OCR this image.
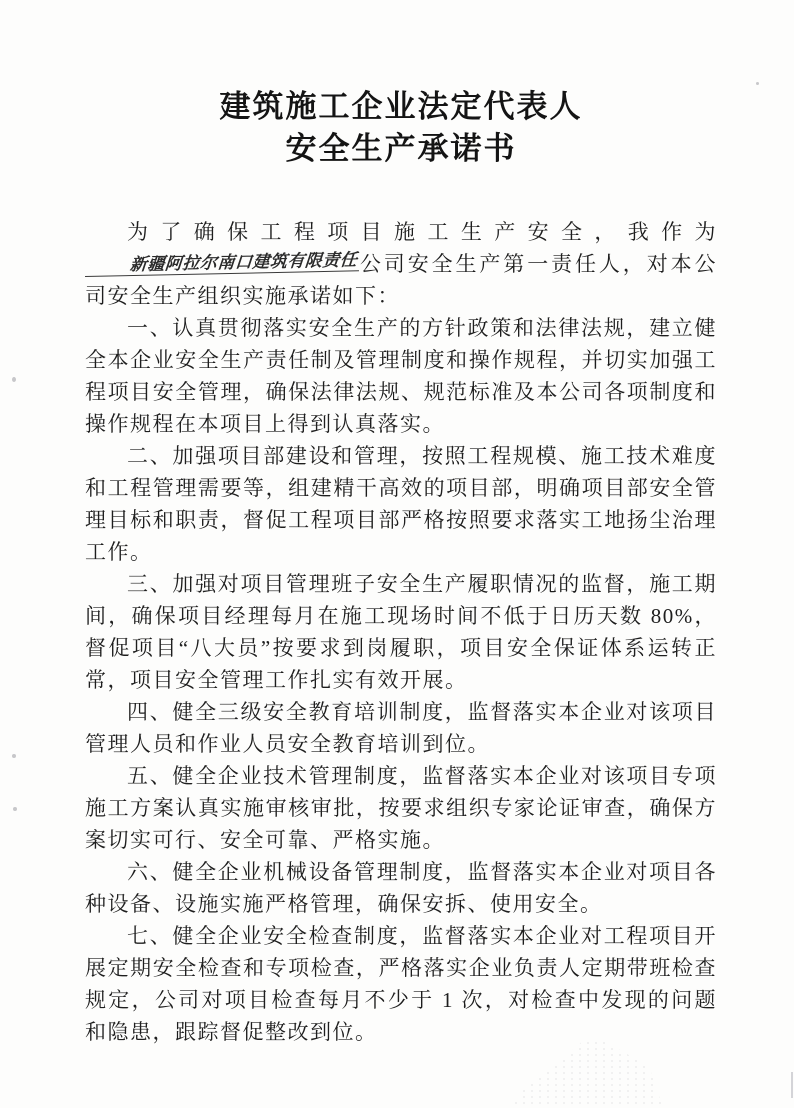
建筑施工企业法定代表人
安全生产承诺书

为了确保工程项目施工生产安全，我作为新疆阿拉尔南口建筑有限责任公司安全生产第一责任人，对本公司安全生产组织实施承诺如下：

一、认真贯彻落实安全生产的方针政策和法律法规，建立健全本企业安全生产责任制及管理制度和操作规程，并切实加强工程项目安全管理，确保法律法规、规范标准及本公司各项制度和操作规程在本项目上得到认真落实。

二、加强项目部建设和管理，按照工程规模、施工技术难度和工程管理需要等，组建精干高效的项目部，明确项目部安全管理目标和职责，督促工程项目部严格按照要求落实工地扬尘治理工作。

三、加强对项目管理班子安全生产履职情况的监督，施工期间，确保项目经理每月在施工现场时间不低于日历天数 80%，督促项目“八大员”按要求到岗履职，项目安全保证体系运转正常，项目安全管理工作扎实有效开展。

四、健全三级安全教育培训制度，监督落实本企业对该项目管理人员和作业人员安全教育培训到位。

五、健全企业技术管理制度，监督落实本企业对该项目专项施工方案认真实施审核审批，按要求组织专家论证审查，确保方案切实可行、安全可靠、严格实施。

六、健全企业机械设备管理制度，监督落实本企业对项目各种设备、设施实施严格管理，确保安拆、使用安全。

七、健全企业安全检查制度，监督落实本企业对工程项目开展定期安全检查和专项检查，严格落实企业负责人定期带班检查规定，公司对项目检查每月不少于 1 次，对检查中发现的问题和隐患，跟踪督促整改到位。
